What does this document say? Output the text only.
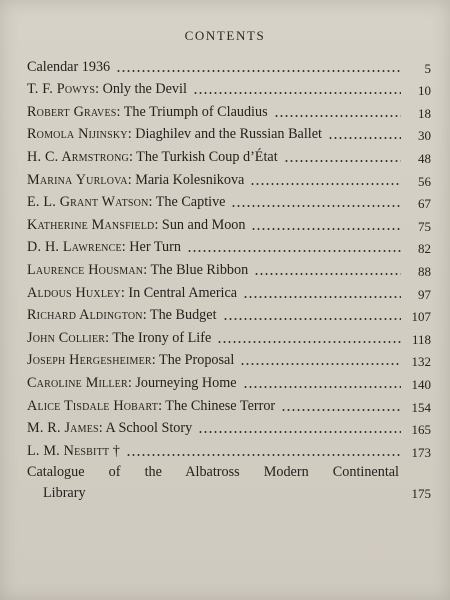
CONTENTS
Calendar 1936	5
T. F. Powys: Only the Devil	10
Robert Graves: The Triumph of Claudius	18
Romola Nijinsky: Diaghilev and the Russian Ballet	30
H. C. Armstrong: The Turkish Coup d’État	48
Marina Yurlova: Maria Kolesnikova	56
E. L. Grant Watson: The Captive	67
Katherine Mansfield: Sun and Moon	75
D. H. Lawrence: Her Turn	82
Laurence Housman: The Blue Ribbon	88
Aldous Huxley: In Central America	97
Richard Aldington: The Budget	107
John Collier: The Irony of Life	118
Joseph Hergesheimer: The Proposal	132
Caroline Miller: Journeying Home	140
Alice Tisdale Hobart: The Chinese Terror	154
M. R. James: A School Story	165
L. M. Nesbitt †	173
Catalogue of the Albatross Modern Continental
Library	175
